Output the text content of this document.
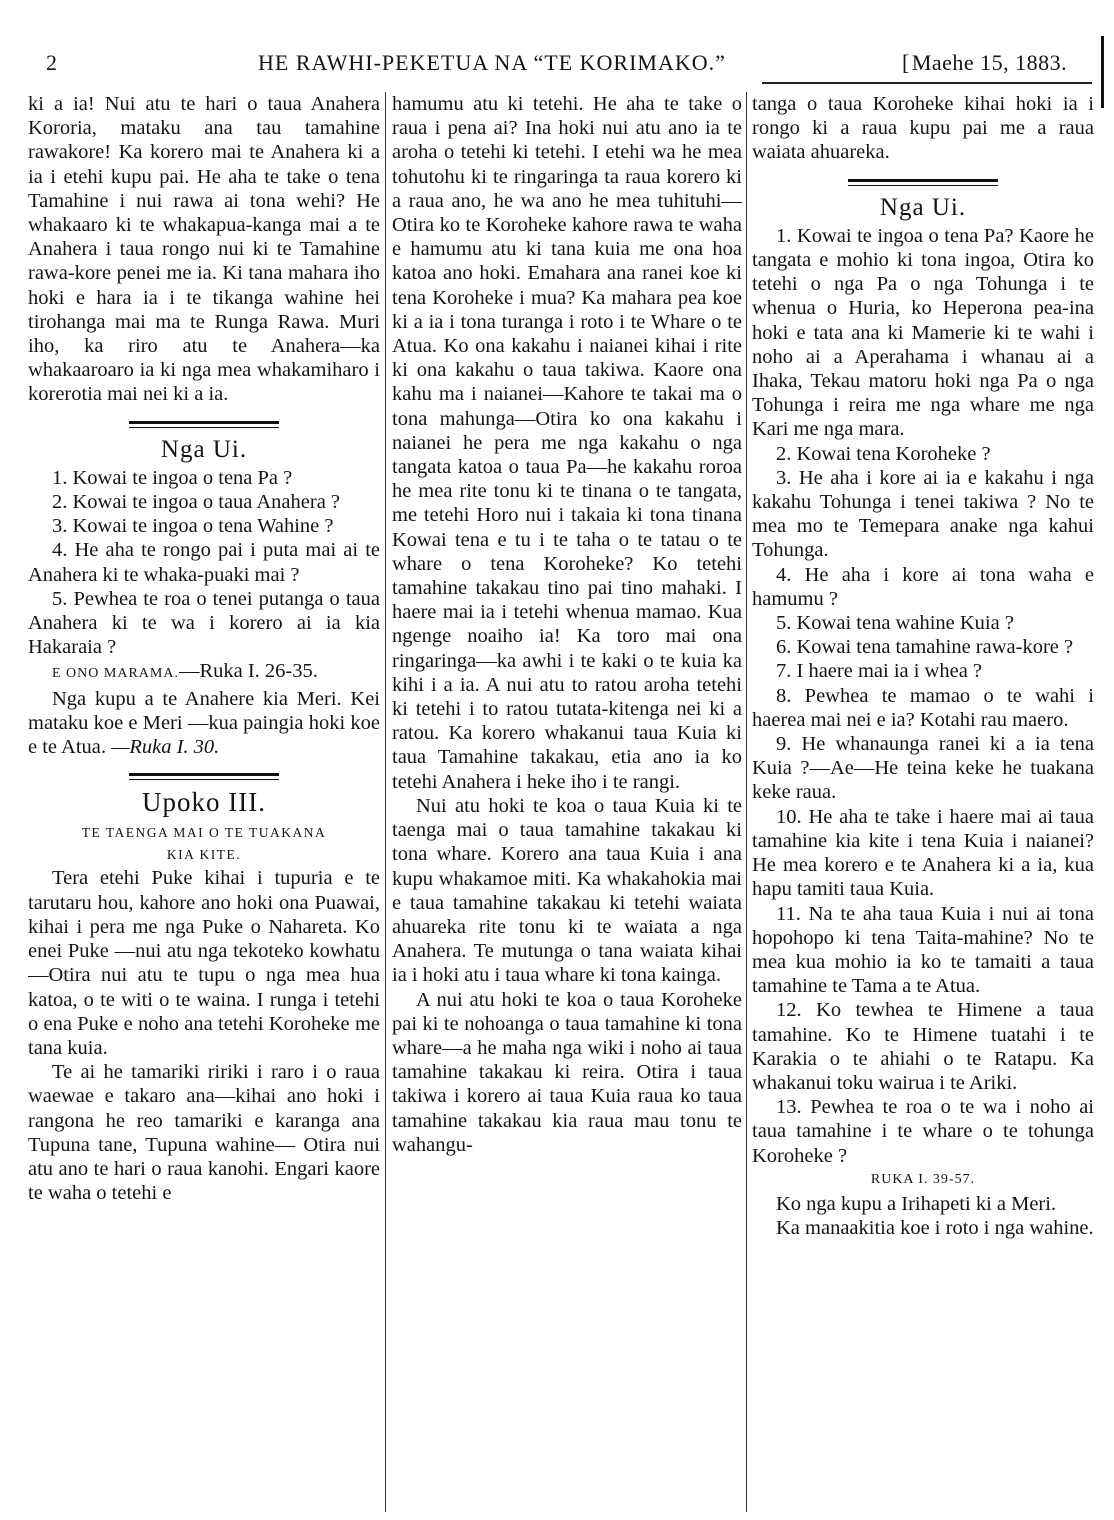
2	HE RAWHI-PEKETUA NA “TE KORIMAKO.”	[Maehe 15, 1883.

ki a ia! Nui atu te hari o taua Anahera Kororia, mataku ana tau tamahine rawakore! Ka korero mai te Anahera ki a ia i etehi kupu pai. He aha te take o tena Tamahine i nui rawa ai tona wehi? He whakaaro ki te whakapua-kanga mai a te Anahera i taua rongo nui ki te Tamahine rawa-kore penei me ia. Ki tana mahara iho hoki e hara ia i te tikanga wahine hei tirohanga mai ma te Runga Rawa. Muri iho, ka riro atu te Anahera—ka whakaaroaro ia ki nga mea whakamiharo i korerotia mai nei ki a ia.

Nga Ui.

1. Kowai te ingoa o tena Pa ?

2. Kowai te ingoa o taua Anahera ?

3. Kowai te ingoa o tena Wahine ?

4. He aha te rongo pai i puta mai ai te Anahera ki te whaka-puaki mai ?

5. Pewhea te roa o tenei putanga o taua Anahera ki te wa i korero ai ia kia Hakaraia ?

E ONO MARAMA.—Ruka I. 26-35.

Nga kupu a te Anahere kia Meri. Kei mataku koe e Meri —kua paingia hoki koe e te Atua. —Ruka I. 30.

Upoko III.
TE TAENGA MAI O TE TUAKANA
KIA KITE.

Tera etehi Puke kihai i tupuria e te tarutaru hou, kahore ano hoki ona Puawai, kihai i pera me nga Puke o Nahareta. Ko enei Puke —nui atu nga tekoteko kowhatu —Otira nui atu te tupu o nga mea hua katoa, o te witi o te waina. I runga i tetehi o ena Puke e noho ana tetehi Koroheke me tana kuia.

Te ai he tamariki ririki i raro i o raua waewae e takaro ana—kihai ano hoki i rangona he reo tamariki e karanga ana Tupuna tane, Tupuna wahine— Otira nui atu ano te hari o raua kanohi. Engari kaore te waha o tetehi e

hamumu atu ki tetehi. He aha te take o raua i pena ai? Ina hoki nui atu ano ia te aroha o tetehi ki tetehi. I etehi wa he mea tohutohu ki te ringaringa ta raua korero ki a raua ano, he wa ano he mea tuhituhi—Otira ko te Koroheke kahore rawa te waha e hamumu atu ki tana kuia me ona hoa katoa ano hoki. Emahara ana ranei koe ki tena Koroheke i mua? Ka mahara pea koe ki a ia i tona turanga i roto i te Whare o te Atua. Ko ona kakahu i naianei kihai i rite ki ona kakahu o taua takiwa. Kaore ona kahu ma i naianei—Kahore te takai ma o tona mahunga—Otira ko ona kakahu i naianei he pera me nga kakahu o nga tangata katoa o taua Pa—he kakahu roroa he mea rite tonu ki te tinana o te tangata, me tetehi Horo nui i takaia ki tona tinana Kowai tena e tu i te taha o te tatau o te whare o tena Koroheke? Ko tetehi tamahine takakau tino pai tino mahaki. I haere mai ia i tetehi whenua mamao. Kua ngenge noaiho ia! Ka toro mai ona ringaringa—ka awhi i te kaki o te kuia ka kihi i a ia. A nui atu to ratou aroha tetehi ki tetehi i to ratou tutata-kitenga nei ki a ratou. Ka korero whakanui taua Kuia ki taua Tamahine takakau, etia ano ia ko tetehi Anahera i heke iho i te rangi.

Nui atu hoki te koa o taua Kuia ki te taenga mai o taua tamahine takakau ki tona whare. Korero ana taua Kuia i ana kupu whakamoe miti. Ka whakahokia mai e taua tamahine takakau ki tetehi waiata ahuareka rite tonu ki te waiata a nga Anahera. Te mutunga o tana waiata kihai ia i hoki atu i taua whare ki tona kainga.

A nui atu hoki te koa o taua Koroheke pai ki te nohoanga o taua tamahine ki tona whare—a he maha nga wiki i noho ai taua tamahine takakau ki reira. Otira i taua takiwa i korero ai taua Kuia raua ko taua tamahine takakau kia raua mau tonu te wahangu-

tanga o taua Koroheke kihai hoki ia i rongo ki a raua kupu pai me a raua waiata ahuareka.

Nga Ui.

1. Kowai te ingoa o tena Pa? Kaore he tangata e mohio ki tona ingoa, Otira ko tetehi o nga Pa o nga Tohunga i te whenua o Huria, ko Heperona pea-ina hoki e tata ana ki Mamerie ki te wahi i noho ai a Aperahama i whanau ai a Ihaka, Tekau matoru hoki nga Pa o nga Tohunga i reira me nga whare me nga Kari me nga mara.

2. Kowai tena Koroheke ?

3. He aha i kore ai ia e kakahu i nga kakahu Tohunga i tenei takiwa ? No te mea mo te Temepara anake nga kahui Tohunga.

4. He aha i kore ai tona waha e hamumu ?

5. Kowai tena wahine Kuia ?

6. Kowai tena tamahine rawa-kore ?

7. I haere mai ia i whea ?

8. Pewhea te mamao o te wahi i haerea mai nei e ia? Kotahi rau maero.

9. He whanaunga ranei ki a ia tena Kuia ?—Ae—He teina keke he tuakana keke raua.

10. He aha te take i haere mai ai taua tamahine kia kite i tena Kuia i naianei? He mea korero e te Anahera ki a ia, kua hapu tamiti taua Kuia.

11. Na te aha taua Kuia i nui ai tona hopohopo ki tena Taita-mahine? No te mea kua mohio ia ko te tamaiti a taua tamahine te Tama a te Atua.

12. Ko tewhea te Himene a taua tamahine. Ko te Himene tuatahi i te Karakia o te ahiahi o te Ratapu. Ka whakanui toku wairua i te Ariki.

13. Pewhea te roa o te wa i noho ai taua tamahine i te whare o te tohunga Koroheke ?

RUKA I. 39-57.

Ko nga kupu a Irihapeti ki a Meri.

Ka manaakitia koe i roto i nga wahine.
